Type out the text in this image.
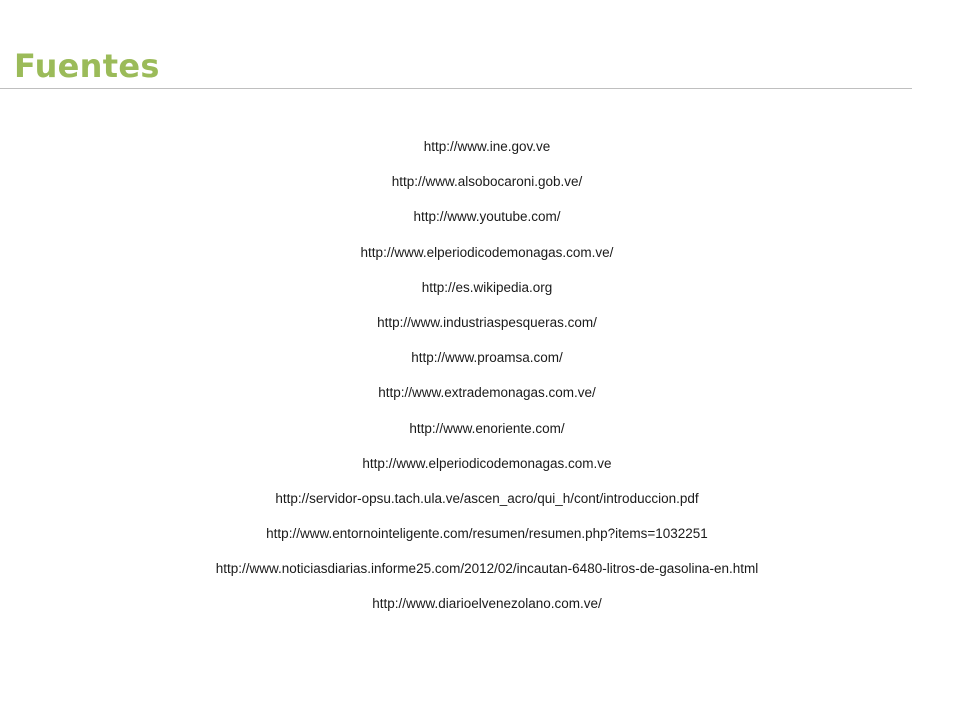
Fuentes
http://www.ine.gov.ve
http://www.alsobocaroni.gob.ve/
http://www.youtube.com/
http://www.elperiodicodemonagas.com.ve/
http://es.wikipedia.org
http://www.industriaspesqueras.com/
http://www.proamsa.com/
http://www.extrademonagas.com.ve/
http://www.enoriente.com/
http://www.elperiodicodemonagas.com.ve
http://servidor-opsu.tach.ula.ve/ascen_acro/qui_h/cont/introduccion.pdf
http://www.entornointeligente.com/resumen/resumen.php?items=1032251
http://www.noticiasdiarias.informe25.com/2012/02/incautan-6480-litros-de-gasolina-en.html
http://www.diarioelvenezolano.com.ve/
